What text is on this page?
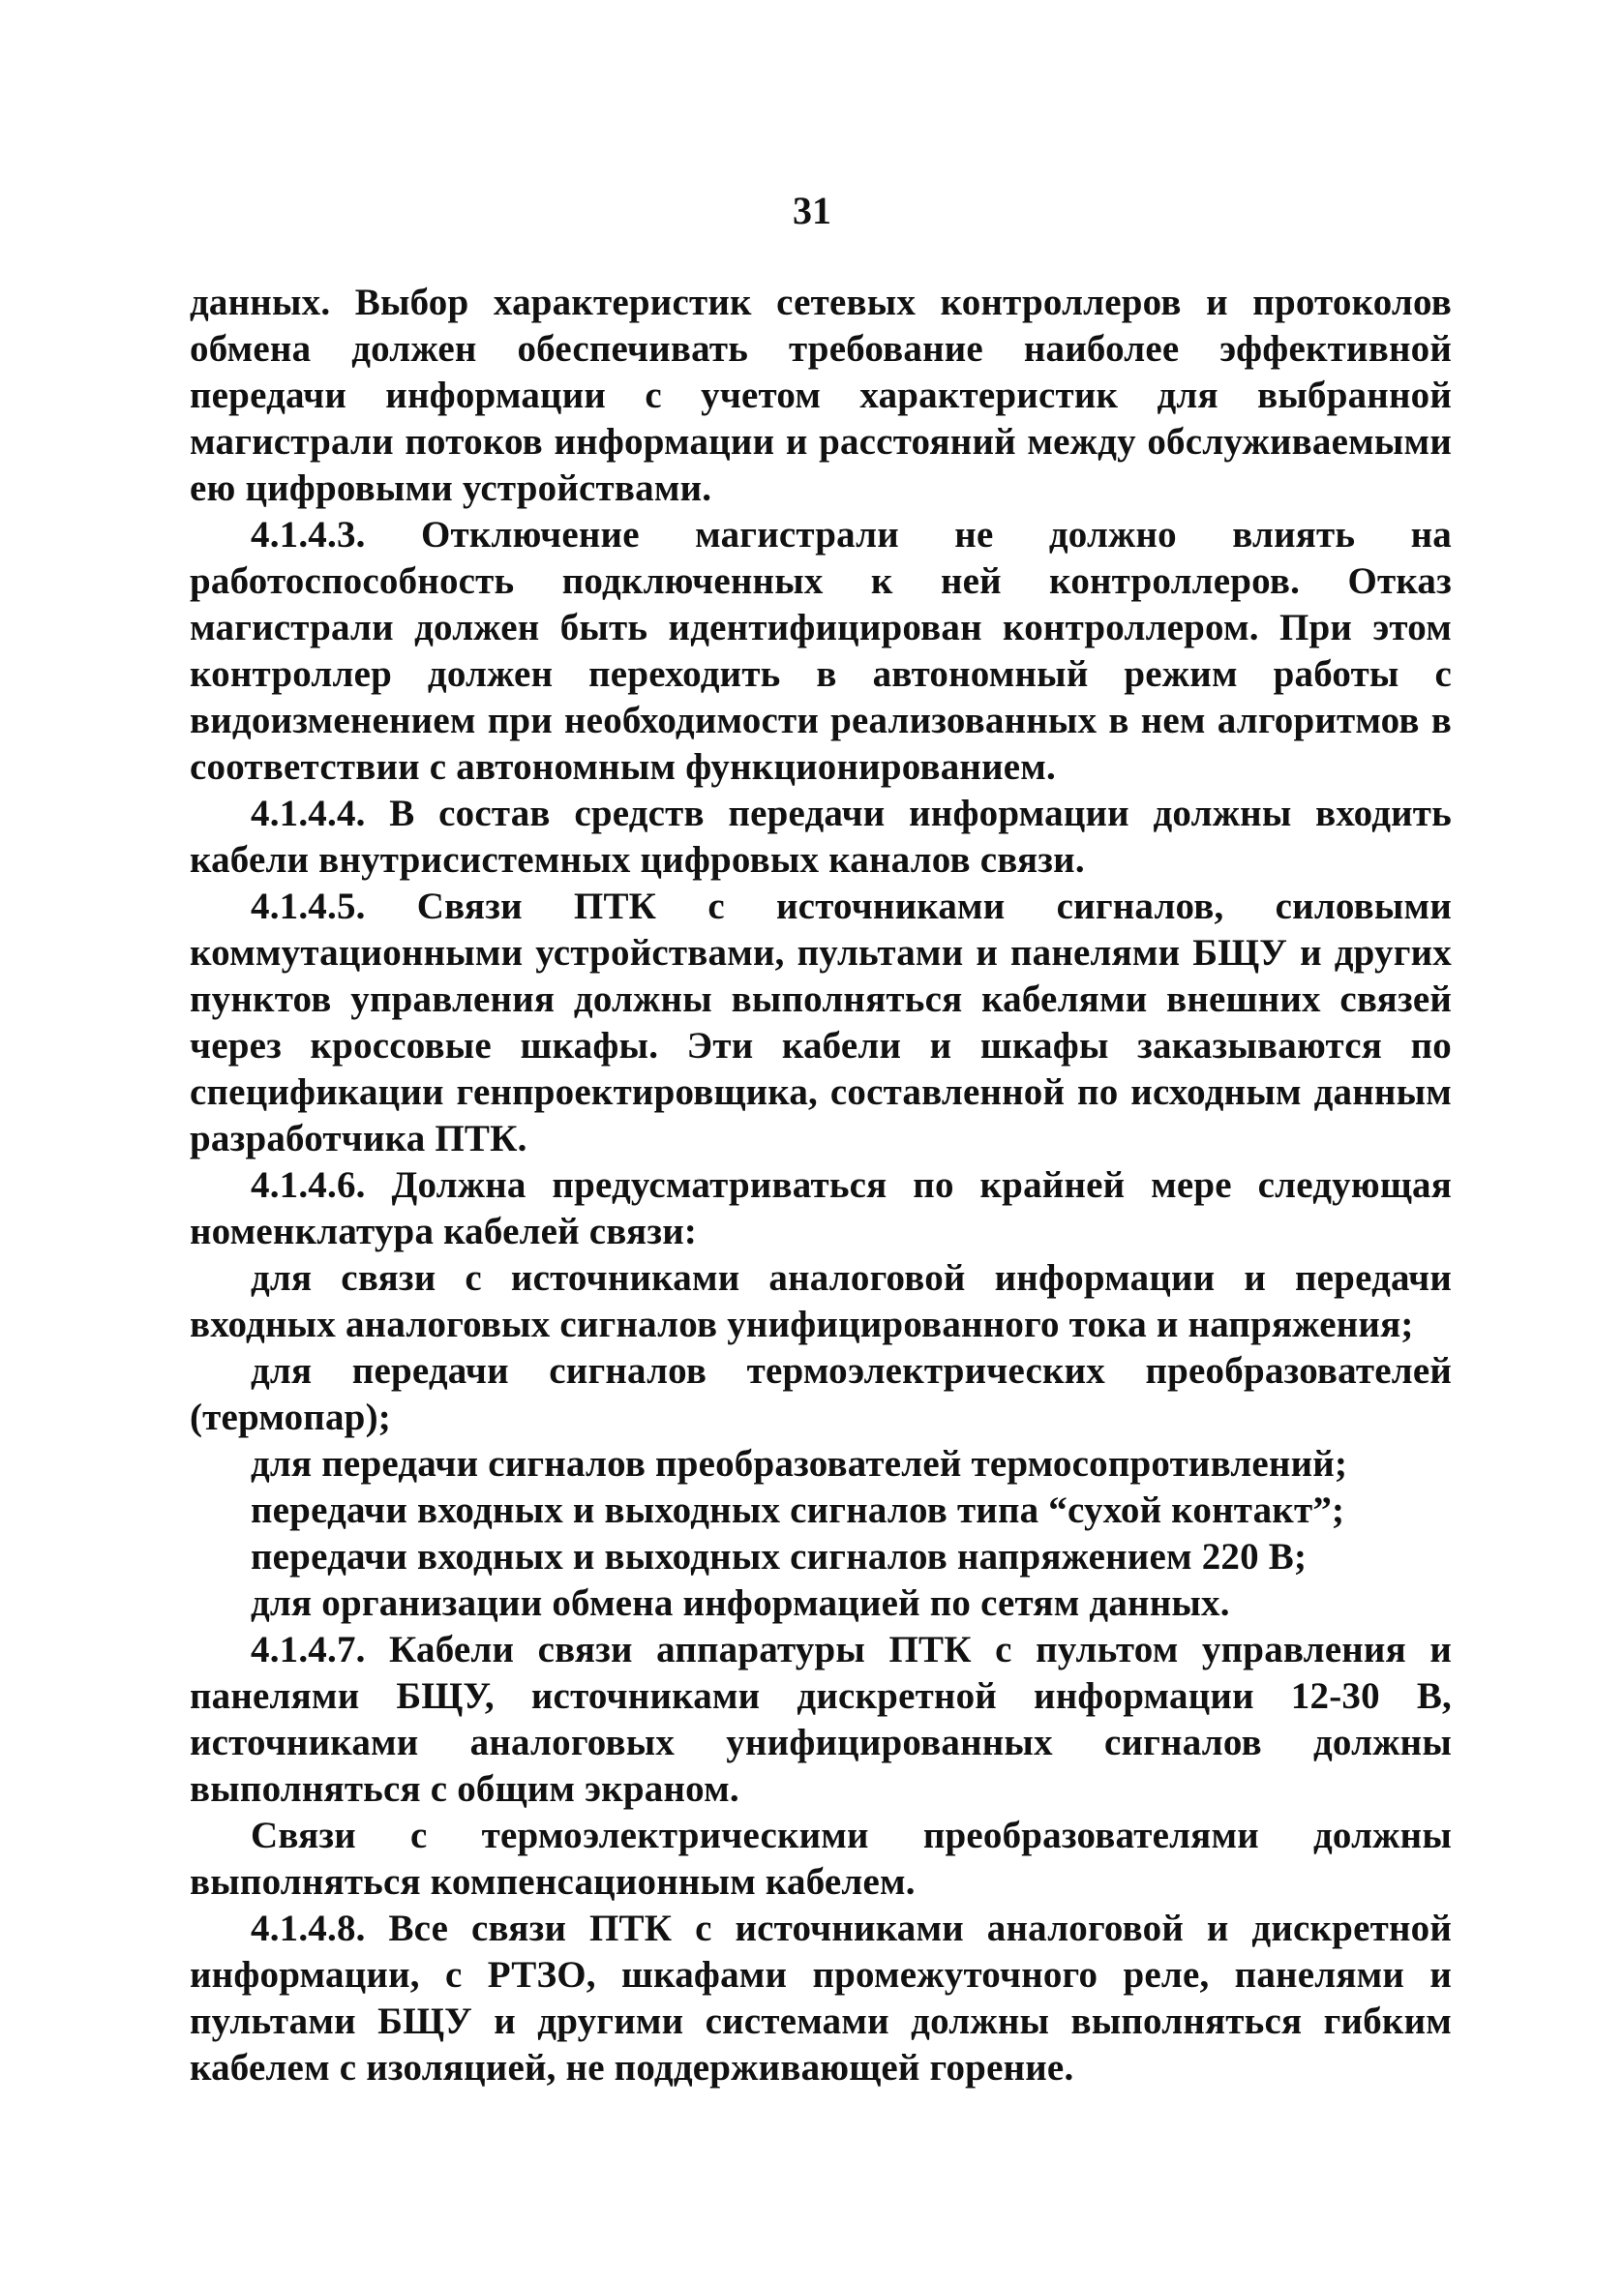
31

данных. Выбор характеристик сетевых контроллеров и протоколов обмена должен обеспечивать требование наиболее эффективной передачи информации с учетом характеристик для выбранной магистрали потоков информации и расстояний между обслуживаемыми ею цифровыми устройствами.

4.1.4.3. Отключение магистрали не должно влиять на работоспособность подключенных к ней контроллеров. Отказ магистрали должен быть идентифицирован контроллером. При этом контроллер должен переходить в автономный режим работы с видоизменением при необходимости реализованных в нем алгоритмов в соответствии с автономным функционированием.

4.1.4.4. В состав средств передачи информации должны входить кабели внутрисистемных цифровых каналов связи.

4.1.4.5. Связи ПТК с источниками сигналов, силовыми коммутационными устройствами, пультами и панелями БЩУ и других пунктов управления должны выполняться кабелями внешних связей через кроссовые шкафы. Эти кабели и шкафы заказываются по спецификации генпроектировщика, составленной по исходным данным разработчика ПТК.

4.1.4.6. Должна предусматриваться по крайней мере следующая номенклатура кабелей связи:

для связи с источниками аналоговой информации и передачи входных аналоговых сигналов унифицированного тока и напряжения;

для передачи сигналов термоэлектрических преобразователей (термопар);

для передачи сигналов преобразователей термосопротивлений;

передачи входных и выходных сигналов типа “сухой контакт”;

передачи входных и выходных сигналов напряжением 220 В;

для организации обмена информацией по сетям данных.

4.1.4.7. Кабели связи аппаратуры ПТК с пультом управления и панелями БЩУ, источниками дискретной информации 12-30 В, источниками аналоговых унифицированных сигналов должны выполняться с общим экраном.

Связи с термоэлектрическими преобразователями должны выполняться компенсационным кабелем.

4.1.4.8. Все связи ПТК с источниками аналоговой и дискретной информации, с РТЗО, шкафами промежуточного реле, панелями и пультами БЩУ и другими системами должны выполняться гибким кабелем с изоляцией, не поддерживающей горение.
